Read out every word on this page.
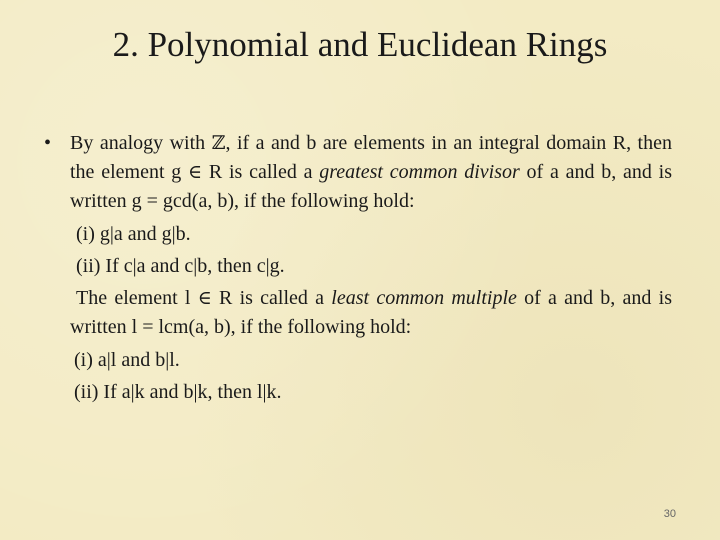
2. Polynomial and Euclidean Rings
• By analogy with ℤ, if a and b are elements in an integral domain R, then the element g ∈ R is called a greatest common divisor of a and b, and is written g = gcd(a, b), if the following hold:
(i) g|a and g|b.
(ii) If c|a and c|b, then c|g.
The element l ∈ R is called a least common multiple of a and b, and is written l = lcm(a, b), if the following hold:
(i) a|l and b|l.
(ii) If a|k and b|k, then l|k.
30
